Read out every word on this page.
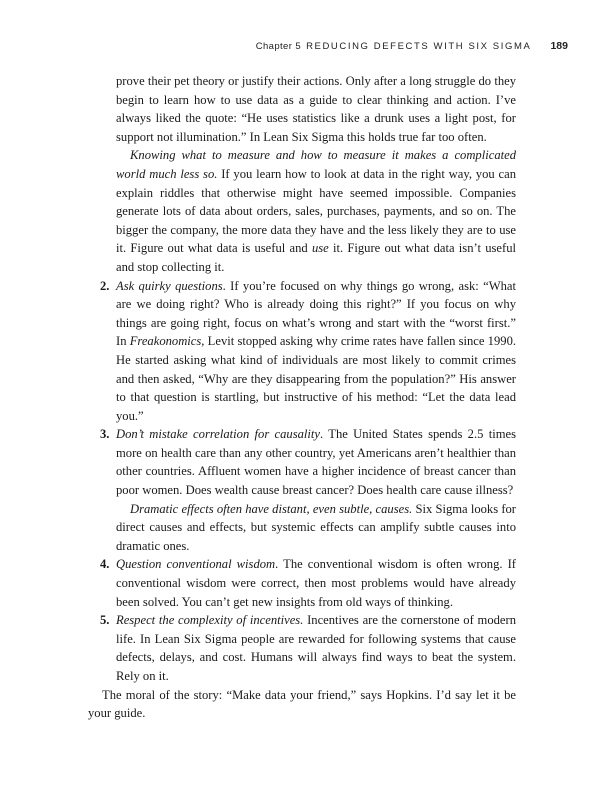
Chapter 5 REDUCING DEFECTS WITH SIX SIGMA 189

prove their pet theory or justify their actions. Only after a long struggle do they begin to learn how to use data as a guide to clear thinking and action. I’ve always liked the quote: “He uses statistics like a drunk uses a light post, for support not illumination.” In Lean Six Sigma this holds true far too often.

Knowing what to measure and how to measure it makes a complicated world much less so. If you learn how to look at data in the right way, you can explain riddles that otherwise might have seemed impossible. Companies generate lots of data about orders, sales, purchases, payments, and so on. The bigger the company, the more data they have and the less likely they are to use it. Figure out what data is useful and use it. Figure out what data isn’t useful and stop collecting it.

2. Ask quirky questions. If you’re focused on why things go wrong, ask: “What are we doing right? Who is already doing this right?” If you focus on why things are going right, focus on what’s wrong and start with the “worst first.” In Freakonomics, Levit stopped asking why crime rates have fallen since 1990. He started asking what kind of individuals are most likely to commit crimes and then asked, “Why are they disappearing from the population?” His answer to that question is startling, but instructive of his method: “Let the data lead you.”

3. Don’t mistake correlation for causality. The United States spends 2.5 times more on health care than any other country, yet Americans aren’t healthier than other countries. Affluent women have a higher incidence of breast cancer than poor women. Does wealth cause breast cancer? Does health care cause illness?

Dramatic effects often have distant, even subtle, causes. Six Sigma looks for direct causes and effects, but systemic effects can amplify subtle causes into dramatic ones.

4. Question conventional wisdom. The conventional wisdom is often wrong. If conventional wisdom were correct, then most problems would have already been solved. You can’t get new insights from old ways of thinking.

5. Respect the complexity of incentives. Incentives are the cornerstone of modern life. In Lean Six Sigma people are rewarded for following systems that cause defects, delays, and cost. Humans will always find ways to beat the system. Rely on it.

The moral of the story: “Make data your friend,” says Hopkins. I’d say let it be your guide.
